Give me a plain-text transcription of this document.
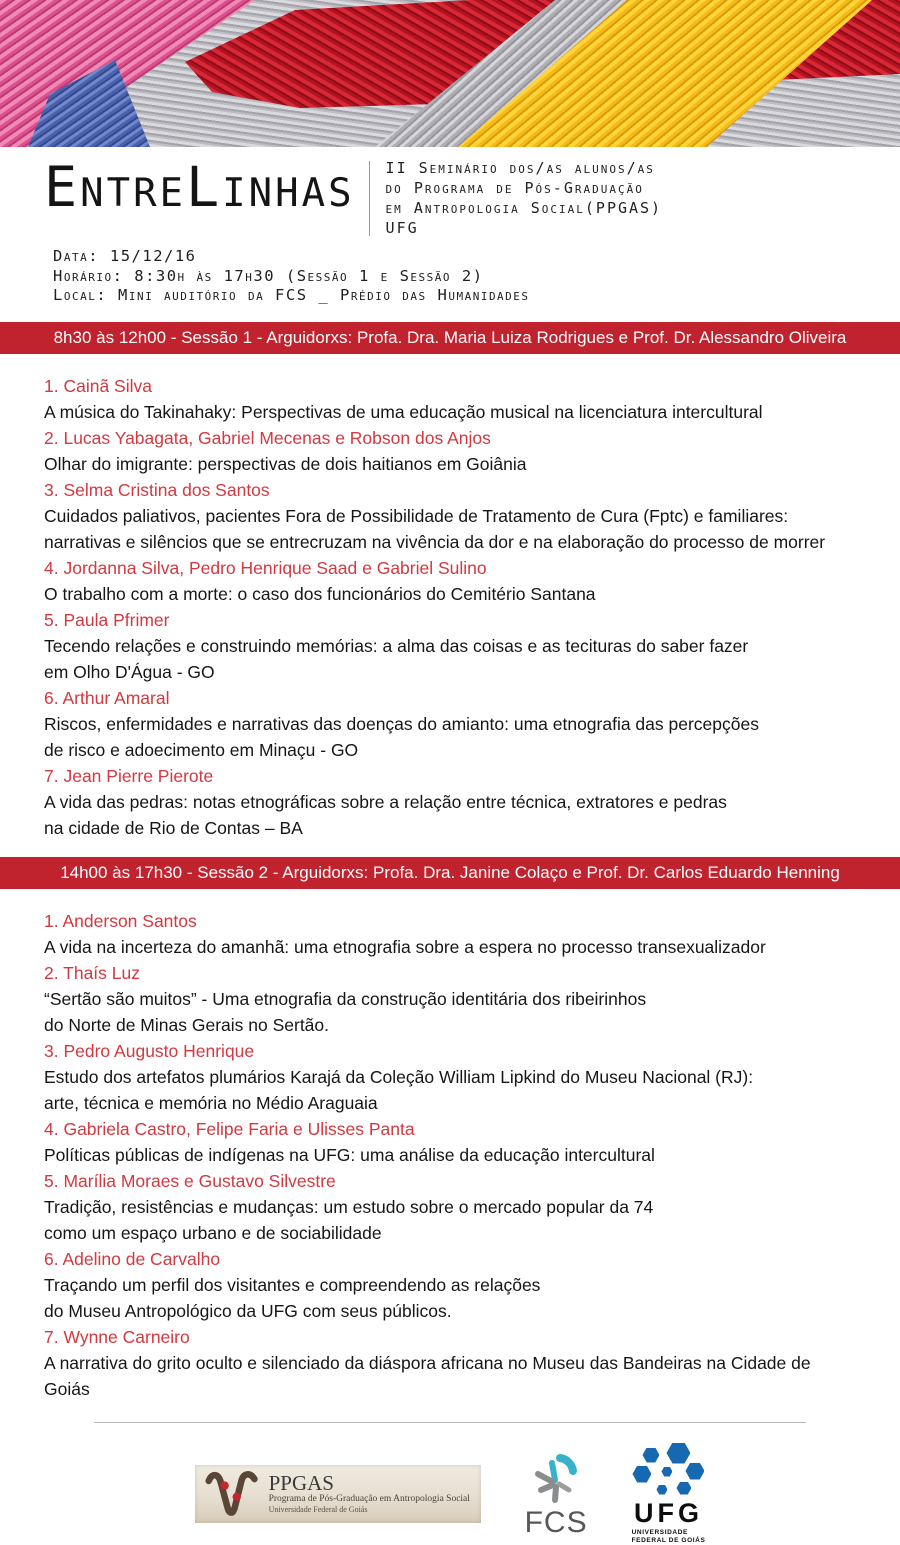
EntreLinhas II Seminário dos/as alunos/as
do Programa de Pós-Graduação
em Antropologia Social(PPGAS)
UFG
Data: 15/12/16
Horário: 8:30h às 17h30 (Sessão 1 e Sessão 2)
Local: Mini auditório da FCS _ Prédio das Humanidades
8h30 às 12h00 - Sessão 1 - Arguidorxs: Profa. Dra. Maria Luiza Rodrigues e Prof. Dr. Alessandro Oliveira
1. Cainã Silva
A música do Takinahaky: Perspectivas de uma educação musical na licenciatura intercultural
2. Lucas Yabagata, Gabriel Mecenas e Robson dos Anjos
Olhar do imigrante: perspectivas de dois haitianos em Goiânia
3. Selma Cristina dos Santos
Cuidados paliativos, pacientes Fora de Possibilidade de Tratamento de Cura (Fptc) e familiares:
narrativas e silêncios que se entrecruzam na vivência da dor e na elaboração do processo de morrer
4. Jordanna Silva, Pedro Henrique Saad e Gabriel Sulino
O trabalho com a morte: o caso dos funcionários do Cemitério Santana
5. Paula Pfrimer
Tecendo relações e construindo memórias: a alma das coisas e as tecituras do saber fazer
em Olho D'Água - GO
6. Arthur Amaral
Riscos, enfermidades e narrativas das doenças do amianto: uma etnografia das percepções
de risco e adoecimento em Minaçu - GO
7. Jean Pierre Pierote
A vida das pedras: notas etnográficas sobre a relação entre técnica, extratores e pedras
na cidade de Rio de Contas – BA
14h00 às 17h30 - Sessão 2 - Arguidorxs: Profa. Dra. Janine Colaço e Prof. Dr. Carlos Eduardo Henning
1. Anderson Santos
A vida na incerteza do amanhã: uma etnografia sobre a espera no processo transexualizador
2. Thaís Luz
“Sertão são muitos” - Uma etnografia da construção identitária dos ribeirinhos
do Norte de Minas Gerais no Sertão.
3. Pedro Augusto Henrique
Estudo dos artefatos plumários Karajá da Coleção William Lipkind do Museu Nacional (RJ):
arte, técnica e memória no Médio Araguaia
4. Gabriela Castro, Felipe Faria e Ulisses Panta
Políticas públicas de indígenas na UFG: uma análise da educação intercultural
5. Marília Moraes e Gustavo Silvestre
Tradição, resistências e mudanças: um estudo sobre o mercado popular da 74
como um espaço urbano e de sociabilidade
6. Adelino de Carvalho
Traçando um perfil dos visitantes e compreendendo as relações
do Museu Antropológico da UFG com seus públicos.
7. Wynne Carneiro
A narrativa do grito oculto e silenciado da diáspora africana no Museu das Bandeiras na Cidade de Goiás
PPGAS
Programa de Pós-Graduação em Antropologia Social
Universidade Federal de Goiás	FCS UFG
UNIVERSIDADE
FEDERAL DE GOIÁS
